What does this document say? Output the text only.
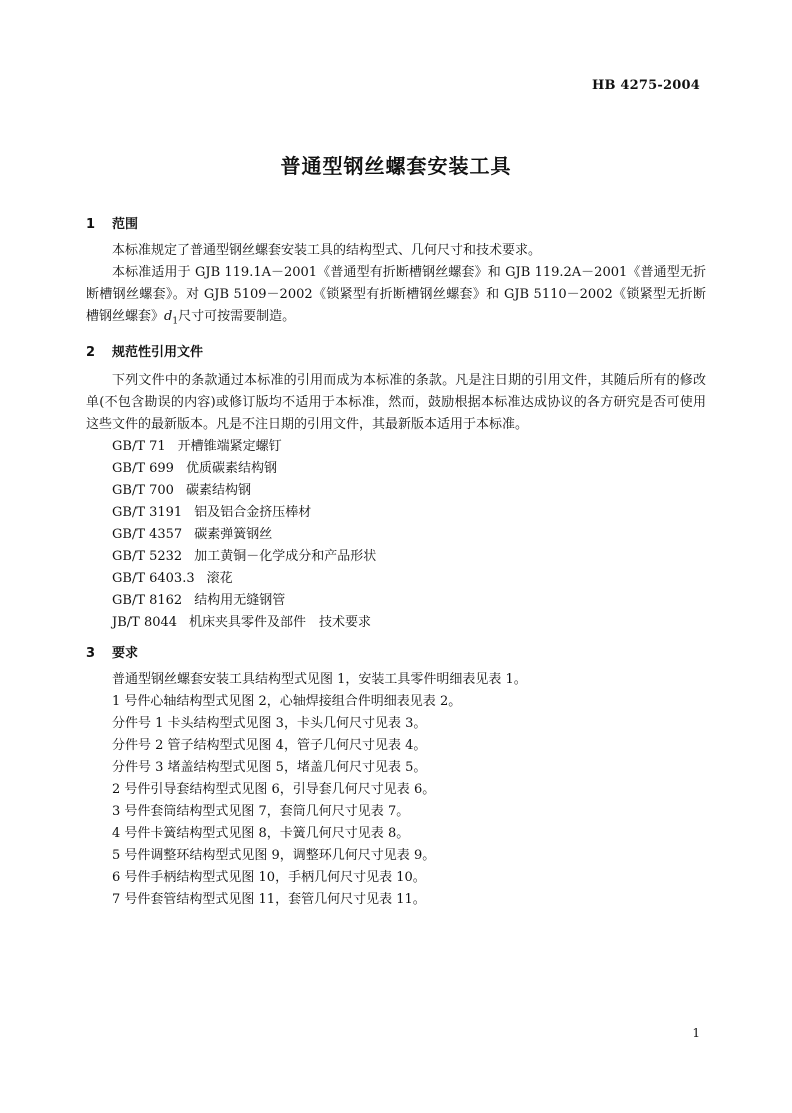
HB 4275-2004
普通型钢丝螺套安装工具
1 范围

本标准规定了普通型钢丝螺套安装工具的结构型式、几何尺寸和技术要求。

本标准适用于 GJB 119.1A－2001《普通型有折断槽钢丝螺套》和 GJB 119.2A－2001《普通型无折断槽钢丝螺套》。对 GJB 5109－2002《锁紧型有折断槽钢丝螺套》和 GJB 5110－2002《锁紧型无折断槽钢丝螺套》$d_1$尺寸可按需要制造。

2 规范性引用文件

下列文件中的条款通过本标准的引用而成为本标准的条款。凡是注日期的引用文件，其随后所有的修改单(不包含勘误的内容)或修订版均不适用于本标准，然而，鼓励根据本标准达成协议的各方研究是否可使用这些文件的最新版本。凡是不注日期的引用文件，其最新版本适用于本标准。

GB/T 71 开槽锥端紧定螺钉
GB/T 699 优质碳素结构钢
GB/T 700 碳素结构钢
GB/T 3191 铝及铝合金挤压棒材
GB/T 4357 碳素弹簧钢丝
GB/T 5232 加工黄铜－化学成分和产品形状
GB/T 6403.3 滚花
GB/T 8162 结构用无缝钢管
JB/T 8044 机床夹具零件及部件　技术要求
3 要求
普通型钢丝螺套安装工具结构型式见图 1，安装工具零件明细表见表 1。
1 号件心轴结构型式见图 2，心轴焊接组合件明细表见表 2。
分件号 1 卡头结构型式见图 3，卡头几何尺寸见表 3。
分件号 2 管子结构型式见图 4，管子几何尺寸见表 4。
分件号 3 堵盖结构型式见图 5，堵盖几何尺寸见表 5。
2 号件引导套结构型式见图 6，引导套几何尺寸见表 6。
3 号件套筒结构型式见图 7，套筒几何尺寸见表 7。
4 号件卡簧结构型式见图 8，卡簧几何尺寸见表 8。
5 号件调整环结构型式见图 9，调整环几何尺寸见表 9。
6 号件手柄结构型式见图 10，手柄几何尺寸见表 10。
7 号件套管结构型式见图 11，套管几何尺寸见表 11。
1
